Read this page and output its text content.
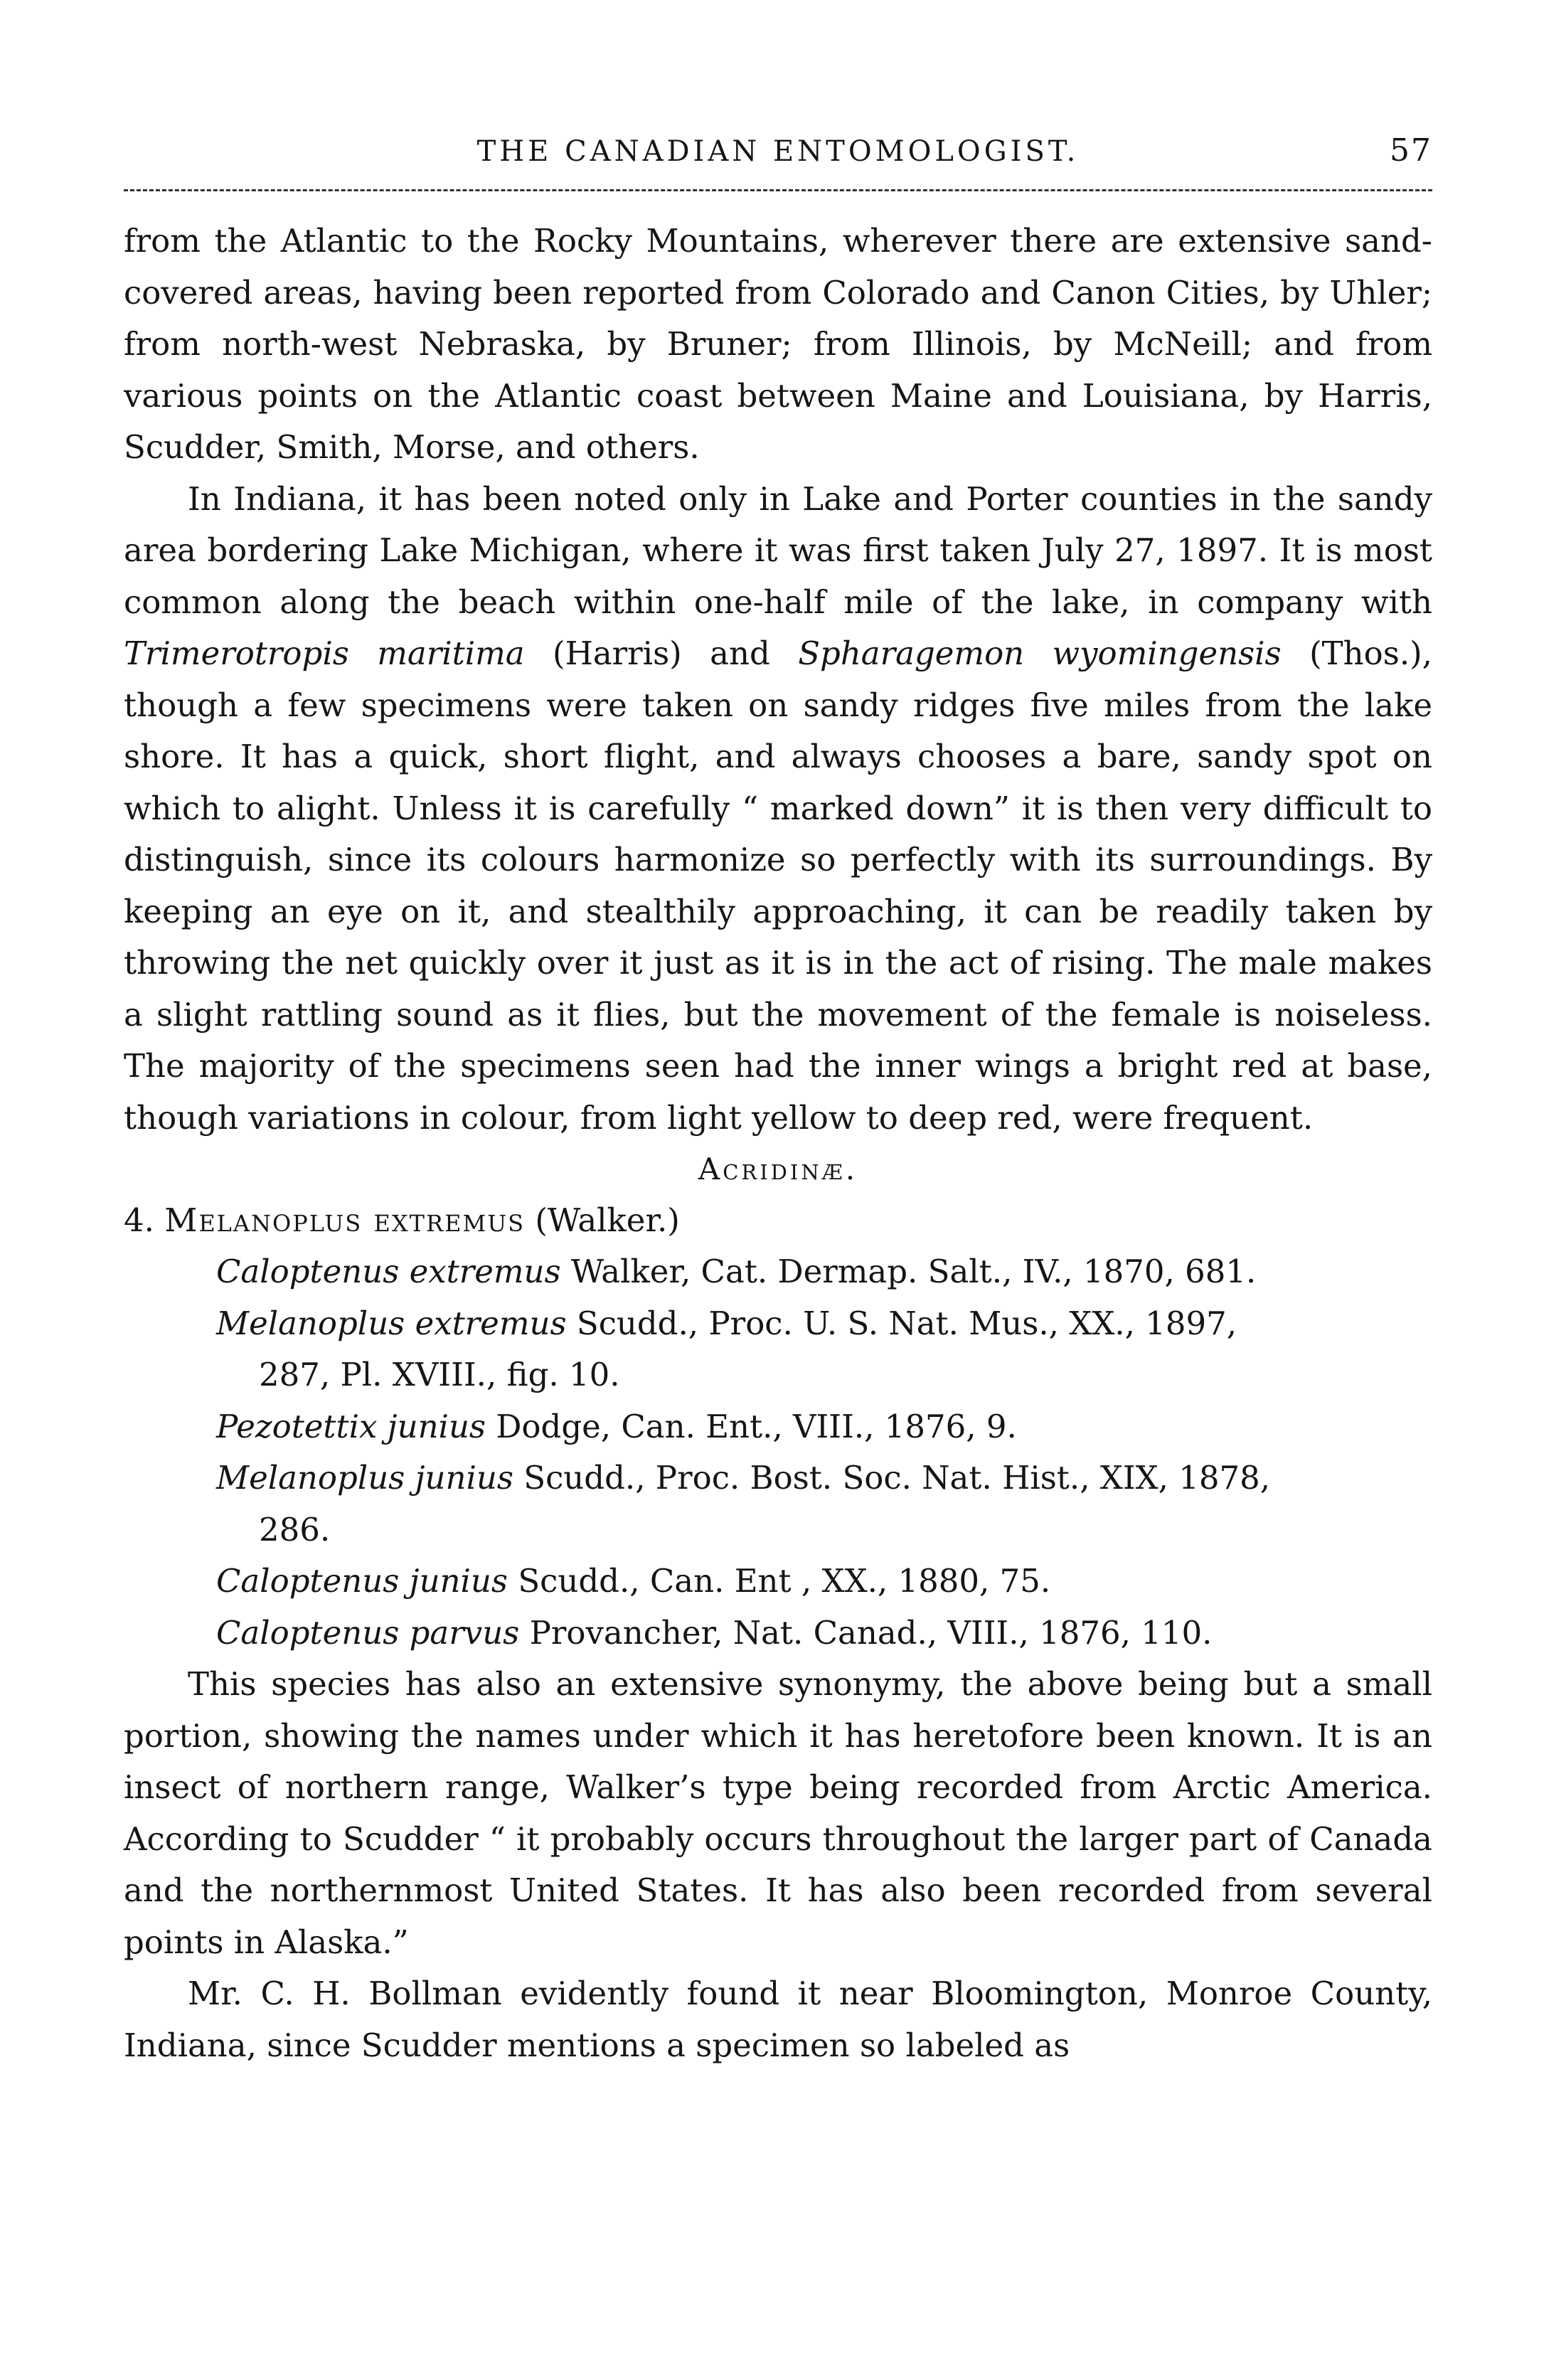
THE CANADIAN ENTOMOLOGIST.	57

from the Atlantic to the Rocky Mountains, wherever there are extensive sand-covered areas, having been reported from Colorado and Canon Cities, by Uhler; from north-west Nebraska, by Bruner; from Illinois, by McNeill; and from various points on the Atlantic coast between Maine and Louisiana, by Harris, Scudder, Smith, Morse, and others.

In Indiana, it has been noted only in Lake and Porter counties in the sandy area bordering Lake Michigan, where it was first taken July 27, 1897. It is most common along the beach within one-half mile of the lake, in company with Trimerotropis maritima (Harris) and Spharagemon wyomingensis (Thos.), though a few specimens were taken on sandy ridges five miles from the lake shore. It has a quick, short flight, and always chooses a bare, sandy spot on which to alight. Unless it is carefully “ marked down” it is then very difficult to distinguish, since its colours harmonize so perfectly with its surroundings. By keeping an eye on it, and stealthily approaching, it can be readily taken by throwing the net quickly over it just as it is in the act of rising. The male makes a slight rattling sound as it flies, but the movement of the female is noiseless. The majority of the specimens seen had the inner wings a bright red at base, though variations in colour, from light yellow to deep red, were frequent.

Acridinæ.

4. Melanoplus extremus (Walker.)

Caloptenus extremus Walker, Cat. Dermap. Salt., IV., 1870, 681.

Melanoplus extremus Scudd., Proc. U. S. Nat. Mus., XX., 1897,

287, Pl. XVIII., fig. 10.

Pezotettix junius Dodge, Can. Ent., VIII., 1876, 9.

Melanoplus junius Scudd., Proc. Bost. Soc. Nat. Hist., XIX, 1878,

286.

Caloptenus junius Scudd., Can. Ent , XX., 1880, 75.

Caloptenus parvus Provancher, Nat. Canad., VIII., 1876, 110.

This species has also an extensive synonymy, the above being but a small portion, showing the names under which it has heretofore been known. It is an insect of northern range, Walker’s type being recorded from Arctic America. According to Scudder “ it probably occurs throughout the larger part of Canada and the northernmost United States. It has also been recorded from several points in Alaska.”

Mr. C. H. Bollman evidently found it near Bloomington, Monroe County, Indiana, since Scudder mentions a specimen so labeled as
